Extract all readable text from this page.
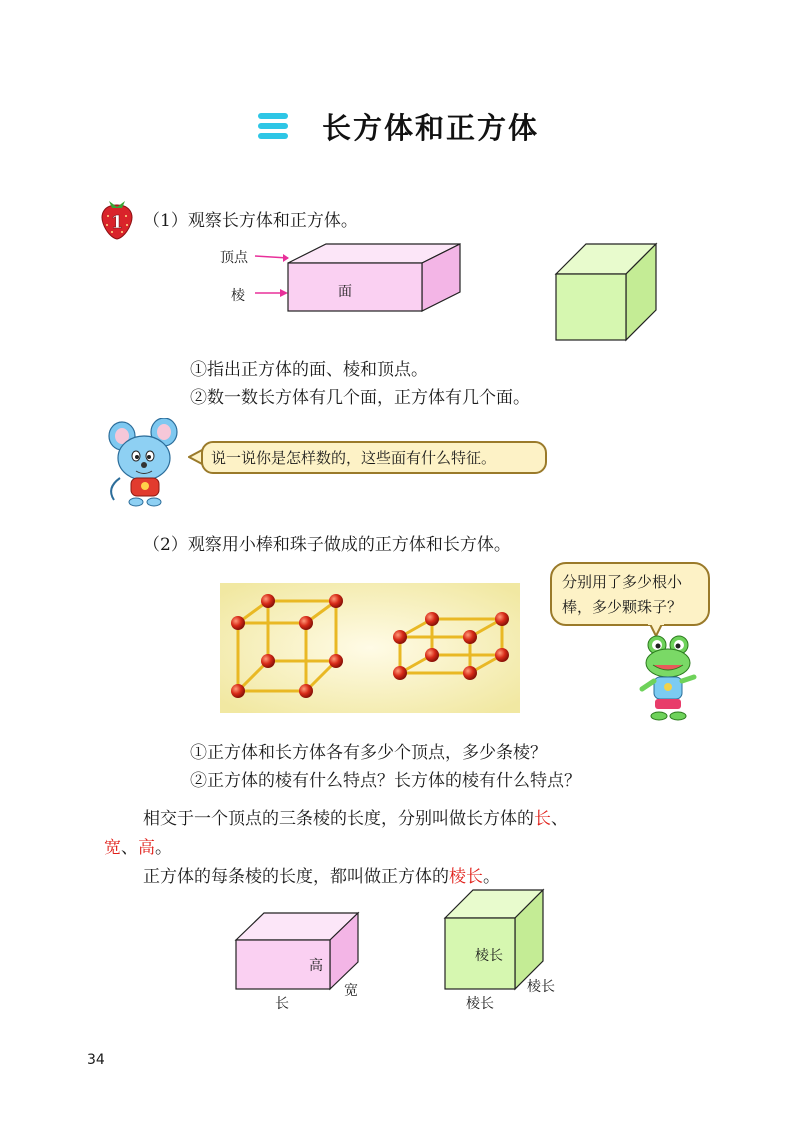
长方体和正方体
1 （1）观察长方体和正方体。
顶点
棱	面
①指出正方体的面、棱和顶点。
②数一数长方体有几个面，正方体有几个面。
说一说你是怎样数的，这些面有什么特征。
（2）观察用小棒和珠子做成的正方体和长方体。
分别用了多少根小
棒，多少颗珠子？
①正方体和长方体各有多少个顶点，多少条棱？
②正方体的棱有什么特点？长方体的棱有什么特点？
相交于一个顶点的三条棱的长度，分别叫做长方体的长、
宽、高。
正方体的每条棱的长度，都叫做正方体的棱长。
高
宽
长
棱长
棱长
棱长
34
